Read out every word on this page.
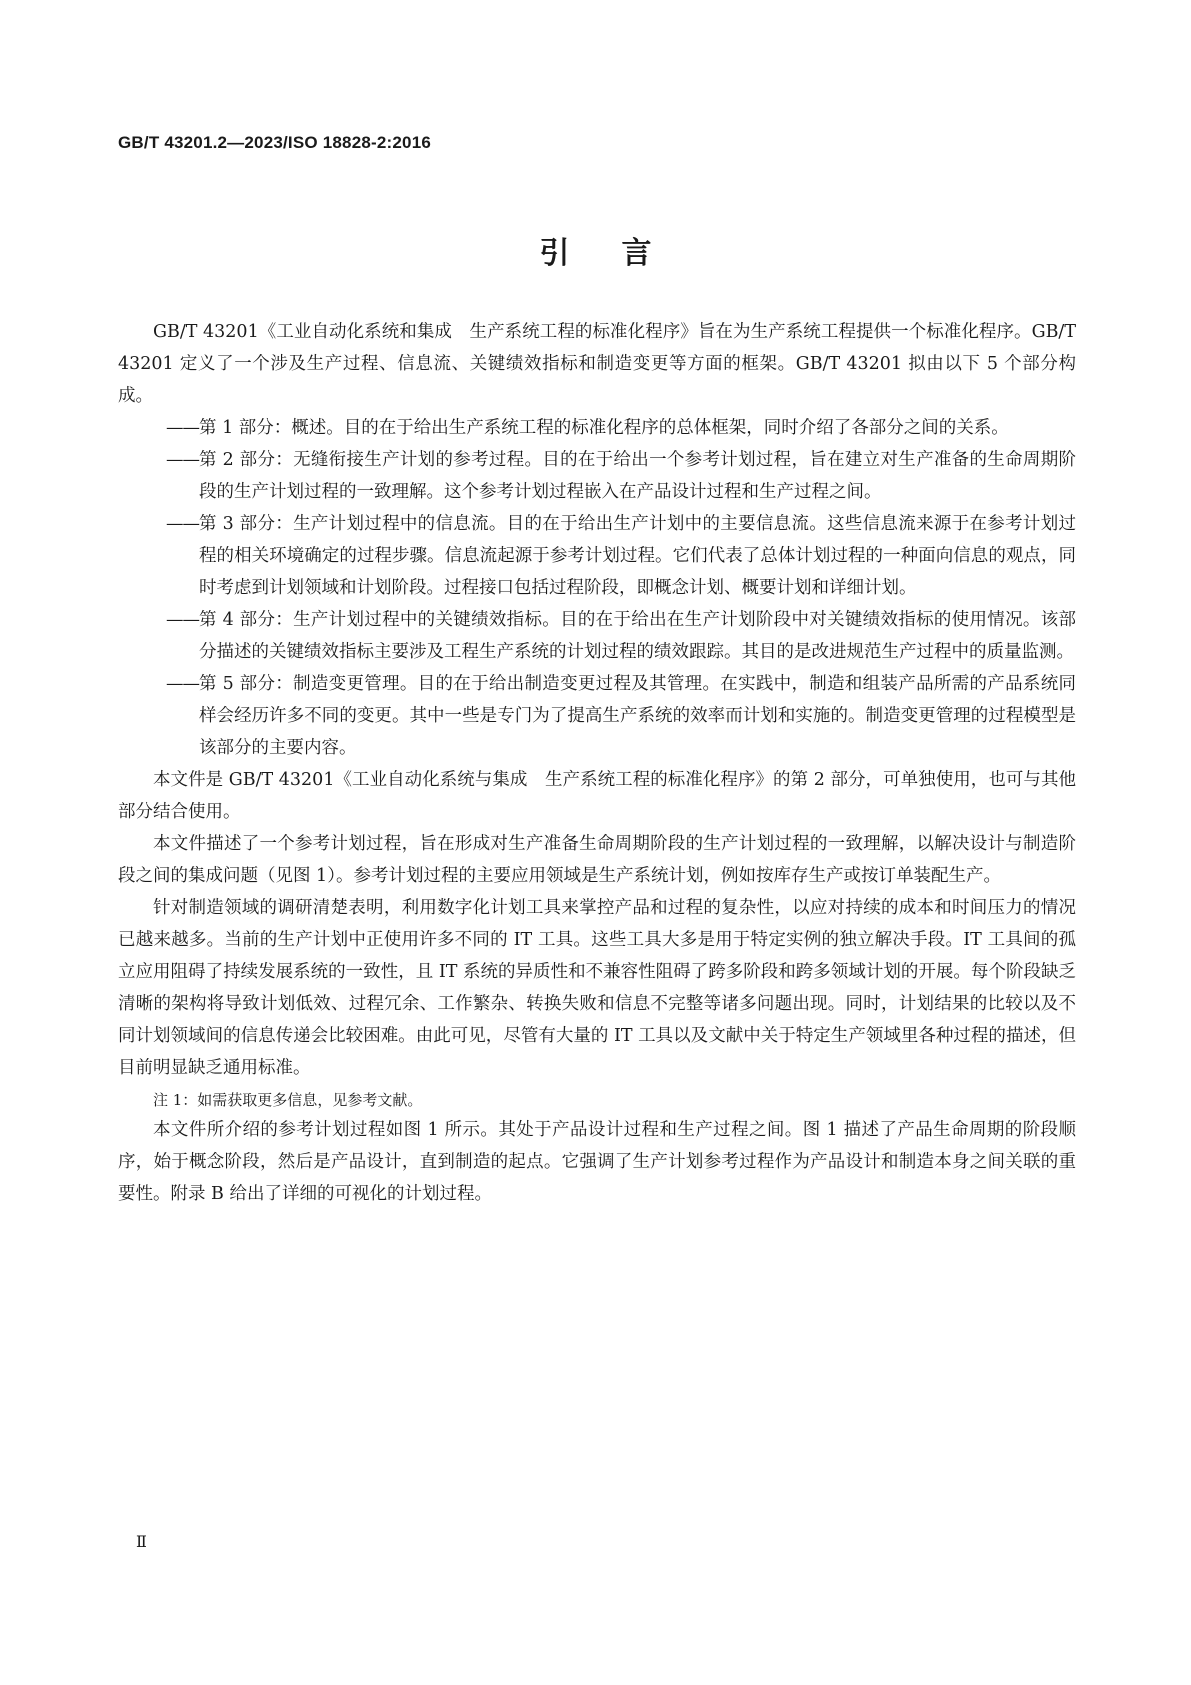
GB/T 43201.2—2023/ISO 18828-2:2016
引言

GB/T 43201《工业自动化系统和集成　生产系统工程的标准化程序》旨在为生产系统工程提供一个标准化程序。GB/T 43201 定义了一个涉及生产过程、信息流、关键绩效指标和制造变更等方面的框架。GB/T 43201 拟由以下 5 个部分构成。

—— 第 1 部分：概述。目的在于给出生产系统工程的标准化程序的总体框架，同时介绍了各部分之间的关系。
—— 第 2 部分：无缝衔接生产计划的参考过程。目的在于给出一个参考计划过程，旨在建立对生产准备的生命周期阶段的生产计划过程的一致理解。这个参考计划过程嵌入在产品设计过程和生产过程之间。
—— 第 3 部分：生产计划过程中的信息流。目的在于给出生产计划中的主要信息流。这些信息流来源于在参考计划过程的相关环境确定的过程步骤。信息流起源于参考计划过程。它们代表了总体计划过程的一种面向信息的观点，同时考虑到计划领域和计划阶段。过程接口包括过程阶段，即概念计划、概要计划和详细计划。
—— 第 4 部分：生产计划过程中的关键绩效指标。目的在于给出在生产计划阶段中对关键绩效指标的使用情况。该部分描述的关键绩效指标主要涉及工程生产系统的计划过程的绩效跟踪。其目的是改进规范生产过程中的质量监测。
—— 第 5 部分：制造变更管理。目的在于给出制造变更过程及其管理。在实践中，制造和组装产品所需的产品系统同样会经历许多不同的变更。其中一些是专门为了提高生产系统的效率而计划和实施的。制造变更管理的过程模型是该部分的主要内容。

本文件是 GB/T 43201《工业自动化系统与集成　生产系统工程的标准化程序》的第 2 部分，可单独使用，也可与其他部分结合使用。

本文件描述了一个参考计划过程，旨在形成对生产准备生命周期阶段的生产计划过程的一致理解，以解决设计与制造阶段之间的集成问题（见图 1）。参考计划过程的主要应用领域是生产系统计划，例如按库存生产或按订单装配生产。

针对制造领域的调研清楚表明，利用数字化计划工具来掌控产品和过程的复杂性，以应对持续的成本和时间压力的情况已越来越多。当前的生产计划中正使用许多不同的 IT 工具。这些工具大多是用于特定实例的独立解决手段。IT 工具间的孤立应用阻碍了持续发展系统的一致性，且 IT 系统的异质性和不兼容性阻碍了跨多阶段和跨多领域计划的开展。每个阶段缺乏清晰的架构将导致计划低效、过程冗余、工作繁杂、转换失败和信息不完整等诸多问题出现。同时，计划结果的比较以及不同计划领域间的信息传递会比较困难。由此可见，尽管有大量的 IT 工具以及文献中关于特定生产领域里各种过程的描述，但目前明显缺乏通用标准。

注 1：如需获取更多信息，见参考文献。

本文件所介绍的参考计划过程如图 1 所示。其处于产品设计过程和生产过程之间。图 1 描述了产品生命周期的阶段顺序，始于概念阶段，然后是产品设计，直到制造的起点。它强调了生产计划参考过程作为产品设计和制造本身之间关联的重要性。附录 B 给出了详细的可视化的计划过程。

Ⅱ
